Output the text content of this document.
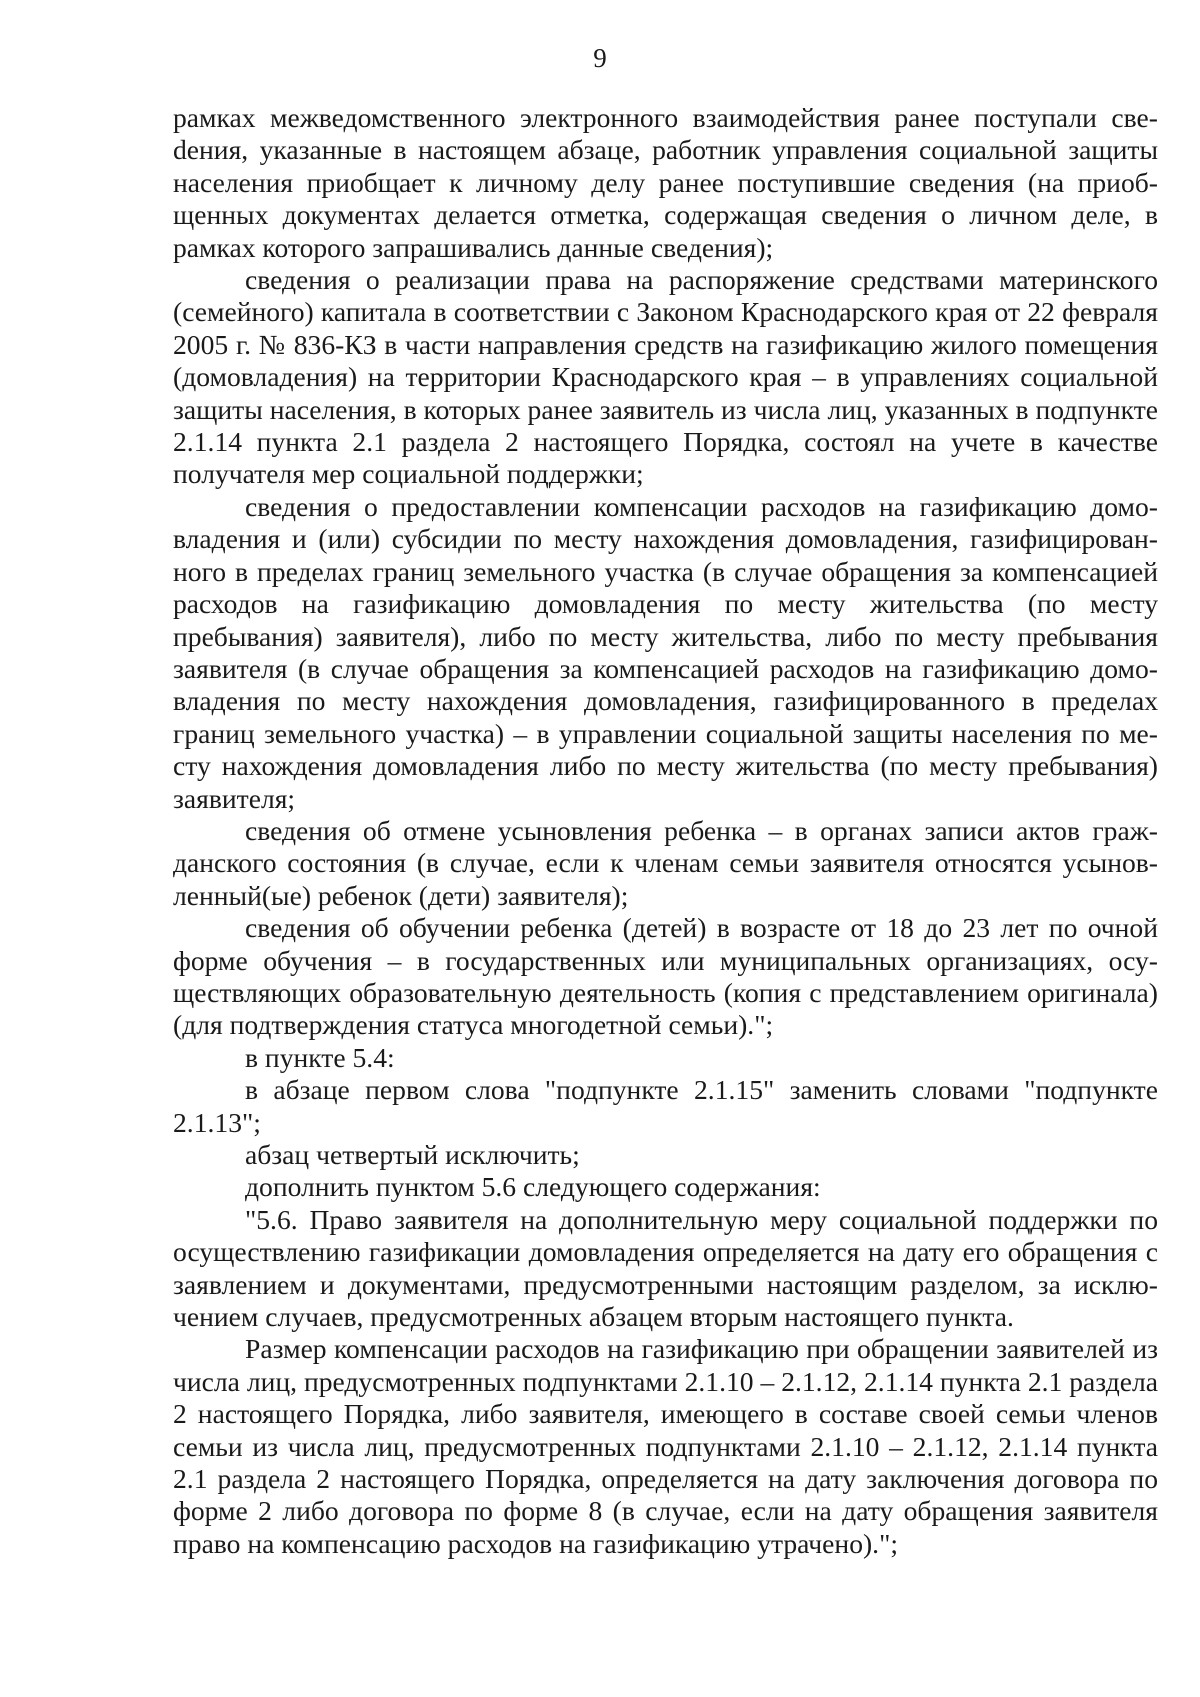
9

рамках межведомственного электронного взаимодействия ранее поступали свеdения, указанные в настоящем абзаце, работник управления социальной защиты населения приобщает к личному делу ранее поступившие сведения (на приобщенных документах делается отметка, содержащая сведения о личном деле, в рамках которого запрашивались данные сведения);

сведения о реализации права на распоряжение средствами материнского (семейного) капитала в соответствии с Законом Краснодарского края от 22 февраля 2005 г. № 836-КЗ в части направления средств на газификацию жилого помещения (домовладения) на территории Краснодарского края – в управлениях социальной защиты населения, в которых ранее заявитель из числа лиц, указанных в подпункте 2.1.14 пункта 2.1 раздела 2 настоящего Порядка, состоял на учете в качестве получателя мер социальной поддержки;

сведения о предоставлении компенсации расходов на газификацию домовладения и (или) субсидии по месту нахождения домовладения, газифицированного в пределах границ земельного участка (в случае обращения за компенсацией расходов на газификацию домовладения по месту жительства (по месту пребывания) заявителя), либо по месту жительства, либо по месту пребывания заявителя (в случае обращения за компенсацией расходов на газификацию домовладения по месту нахождения домовладения, газифицированного в пределах границ земельного участка) – в управлении социальной защиты населения по месту нахождения домовладения либо по месту жительства (по месту пребывания) заявителя;

сведения об отмене усыновления ребенка – в органах записи актов гражданского состояния (в случае, если к членам семьи заявителя относятся усыновленный(ые) ребенок (дети) заявителя);

сведения об обучении ребенка (детей) в возрасте от 18 до 23 лет по очной форме обучения – в государственных или муниципальных организациях, осуществляющих образовательную деятельность (копия с представлением оригинала) (для подтверждения статуса многодетной семьи).";

в пункте 5.4:

в абзаце первом слова "подпункте 2.1.15" заменить словами "подпункте 2.1.13";

абзац четвертый исключить;

дополнить пунктом 5.6 следующего содержания:

"5.6. Право заявителя на дополнительную меру социальной поддержки по осуществлению газификации домовладения определяется на дату его обращения с заявлением и документами, предусмотренными настоящим разделом, за исключением случаев, предусмотренных абзацем вторым настоящего пункта.

Размер компенсации расходов на газификацию при обращении заявителей из числа лиц, предусмотренных подпунктами 2.1.10 – 2.1.12, 2.1.14 пункта 2.1 раздела 2 настоящего Порядка, либо заявителя, имеющего в составе своей семьи членов семьи из числа лиц, предусмотренных подпунктами 2.1.10 – 2.1.12, 2.1.14 пункта 2.1 раздела 2 настоящего Порядка, определяется на дату заключения договора по форме 2 либо договора по форме 8 (в случае, если на дату обращения заявителя право на компенсацию расходов на газификацию утрачено).";
